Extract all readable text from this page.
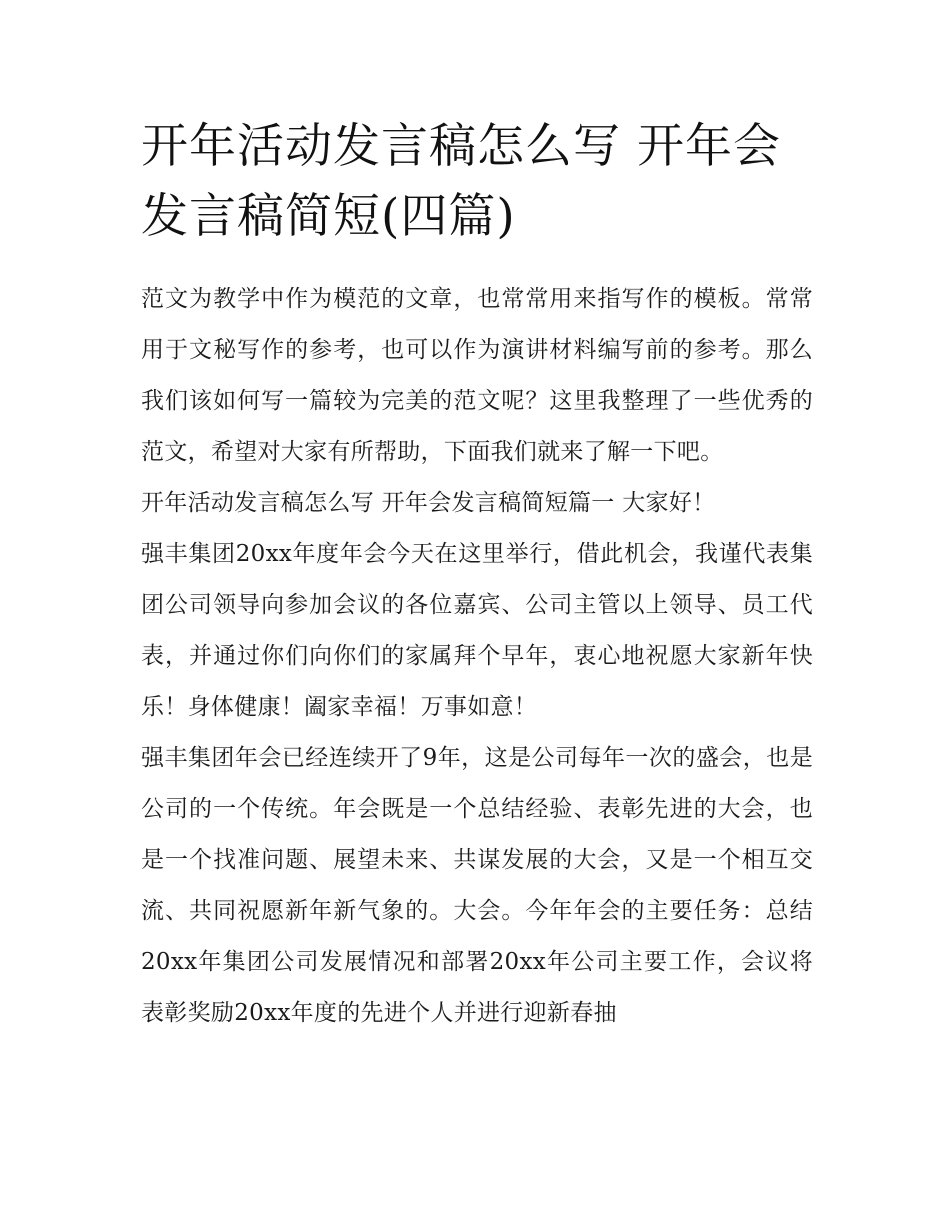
开年活动发言稿怎么写 开年会发言稿简短(四篇)

范文为教学中作为模范的文章，也常常用来指写作的模板。常常用于文秘写作的参考，也可以作为演讲材料编写前的参考。那么我们该如何写一篇较为完美的范文呢？这里我整理了一些优秀的范文，希望对大家有所帮助，下面我们就来了解一下吧。

开年活动发言稿怎么写 开年会发言稿简短篇一 大家好！

强丰集团20xx年度年会今天在这里举行，借此机会，我谨代表集团公司领导向参加会议的各位嘉宾、公司主管以上领导、员工代表，并通过你们向你们的家属拜个早年，衷心地祝愿大家新年快乐！身体健康！阖家幸福！万事如意！

强丰集团年会已经连续开了9年，这是公司每年一次的盛会，也是公司的一个传统。年会既是一个总结经验、表彰先进的大会，也是一个找准问题、展望未来、共谋发展的大会，又是一个相互交流、共同祝愿新年新气象的。大会。今年年会的主要任务：总结20xx年集团公司发展情况和部署20xx年公司主要工作，会议将表彰奖励20xx年度的先进个人并进行迎新春抽
